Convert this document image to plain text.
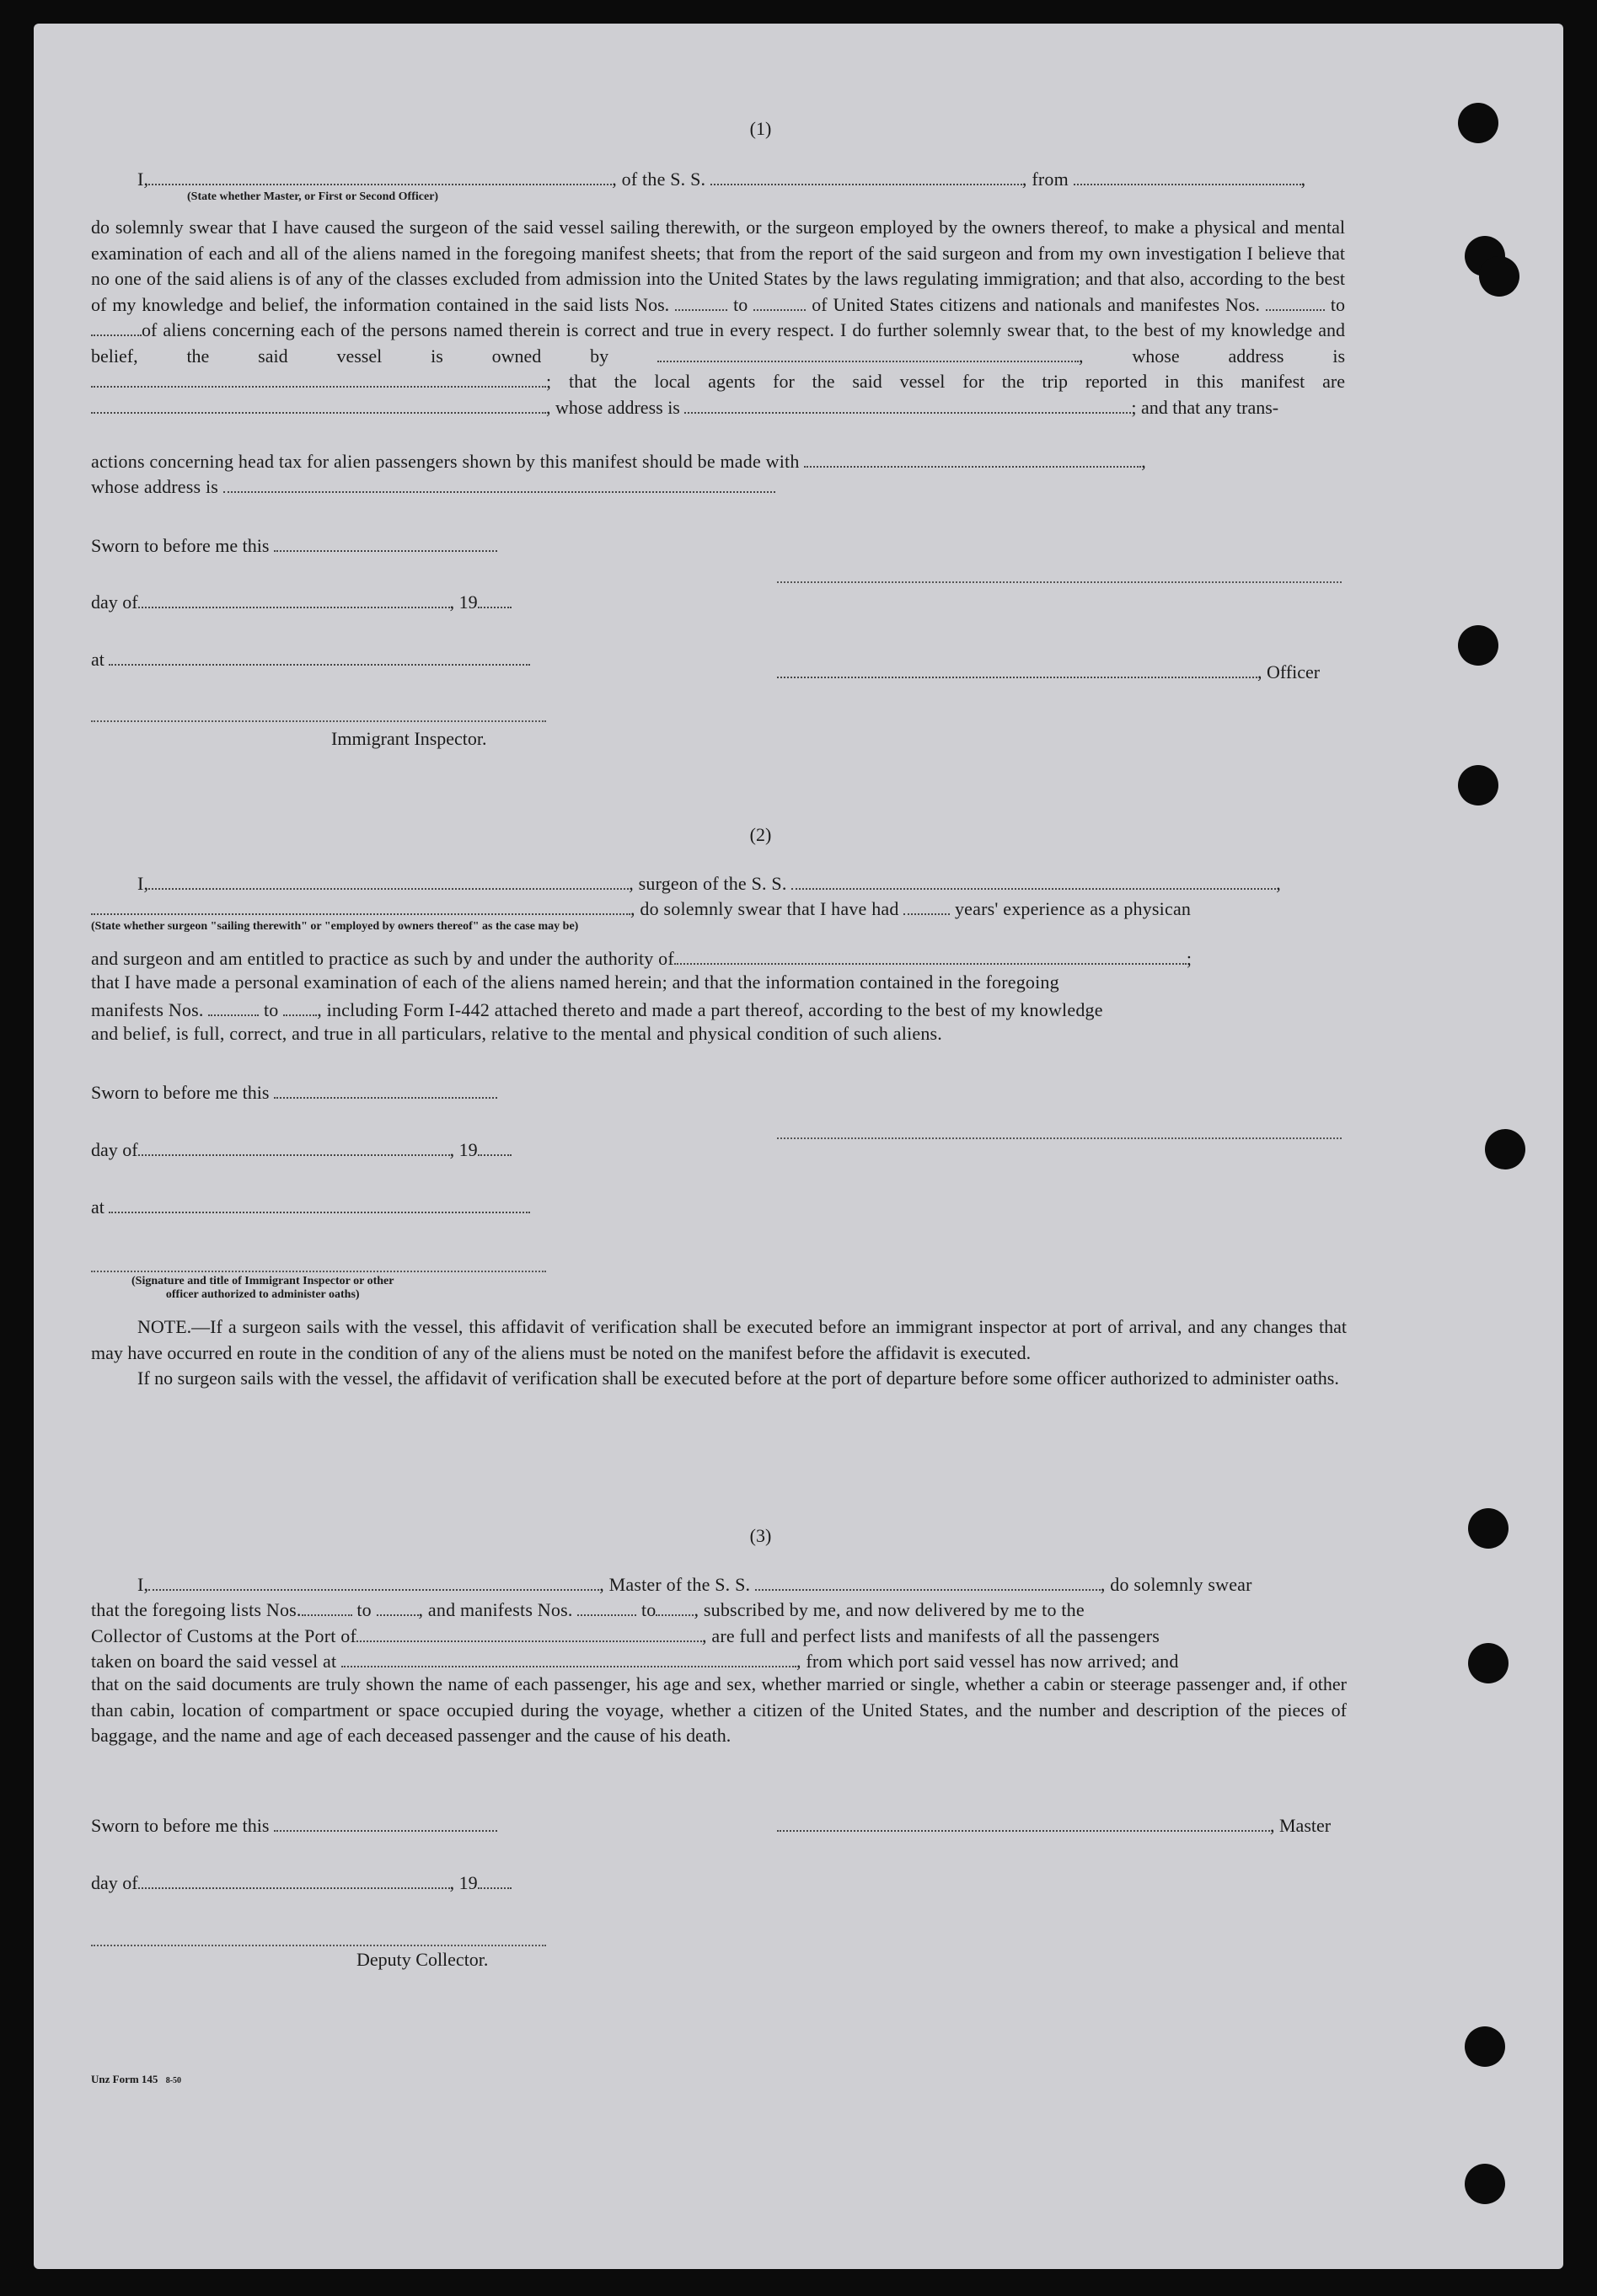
(1)
I,	, of the S. S.	, from	,
(State whether Master, or First or Second Officer)

do solemnly swear that I have caused the surgeon of the said vessel sailing therewith, or the surgeon employed by the owners thereof, to make a physical and mental examination of each and all of the aliens named in the foregoing manifest sheets; that from the report of the said surgeon and from my own investigation I believe that no one of the said aliens is of any of the classes excluded from admission into the United States by the laws regulating immigration; and that also, according to the best of my knowledge and belief, the information contained in the said lists Nos.	to	of United States citizens and nationals and manifestes Nos.	toof aliens concerning each of the persons named therein is correct and true in every respect. I do further solemnly swear that, to the best of my knowledge and belief, the said vessel is owned by	, whose address is ; that the local agents for the said vessel for the trip reported in this manifest are , whose address is	; and that any trans-

actions concerning head tax for alien passengers shown by this manifest should be made with	,
whose address is
Sworn to before me this
day of	, 19
at
, Officer
Immigrant Inspector.
(2)
I,	, surgeon of the S. S.	,
, do solemnly swear that I have had	years' experience as a physican
(State whether surgeon "sailing therewith" or "employed by owners thereof" as the case may be)
and surgeon and am entitled to practice as such by and under the authority of	;
that I have made a personal examination of each of the aliens named herein; and that the information contained in the foregoing
manifests Nos.	to , including Form I-442 attached thereto and made a part thereof, according to the best of my knowledge
and belief, is full, correct, and true in all particulars, relative to the mental and physical condition of such aliens.
Sworn to before me this
day of	, 19
at
(Signature and title of Immigrant Inspector or other
officer authorized to administer oaths)

NOTE.—If a surgeon sails with the vessel, this affidavit of verification shall be executed before an immigrant inspector at port of arrival, and any changes that may have occurred en route in the condition of any of the aliens must be noted on the manifest before the affidavit is executed.

If no surgeon sails with the vessel, the affidavit of verification shall be executed before at the port of departure before some officer authorized to administer oaths.

(3)
I,	, Master of the S. S.	, do solemnly swear
that the foregoing lists Nos.	to	, and manifests Nos.	to , subscribed by me, and now delivered by me to the
Collector of Customs at the Port of	, are full and perfect lists and manifests of all the passengers
taken on board the said vessel at	, from which port said vessel has now arrived; and

that on the said documents are truly shown the name of each passenger, his age and sex, whether married or single, whether a cabin or steerage passenger and, if other than cabin, location of compartment or space occupied during the voyage, whether a citizen of the United States, and the number and description of the pieces of baggage, and the name and age of each deceased passenger and the cause of his death.

Sworn to before me this	, Master
day of	, 19
Deputy Collector.
Unz Form 145 8-50
